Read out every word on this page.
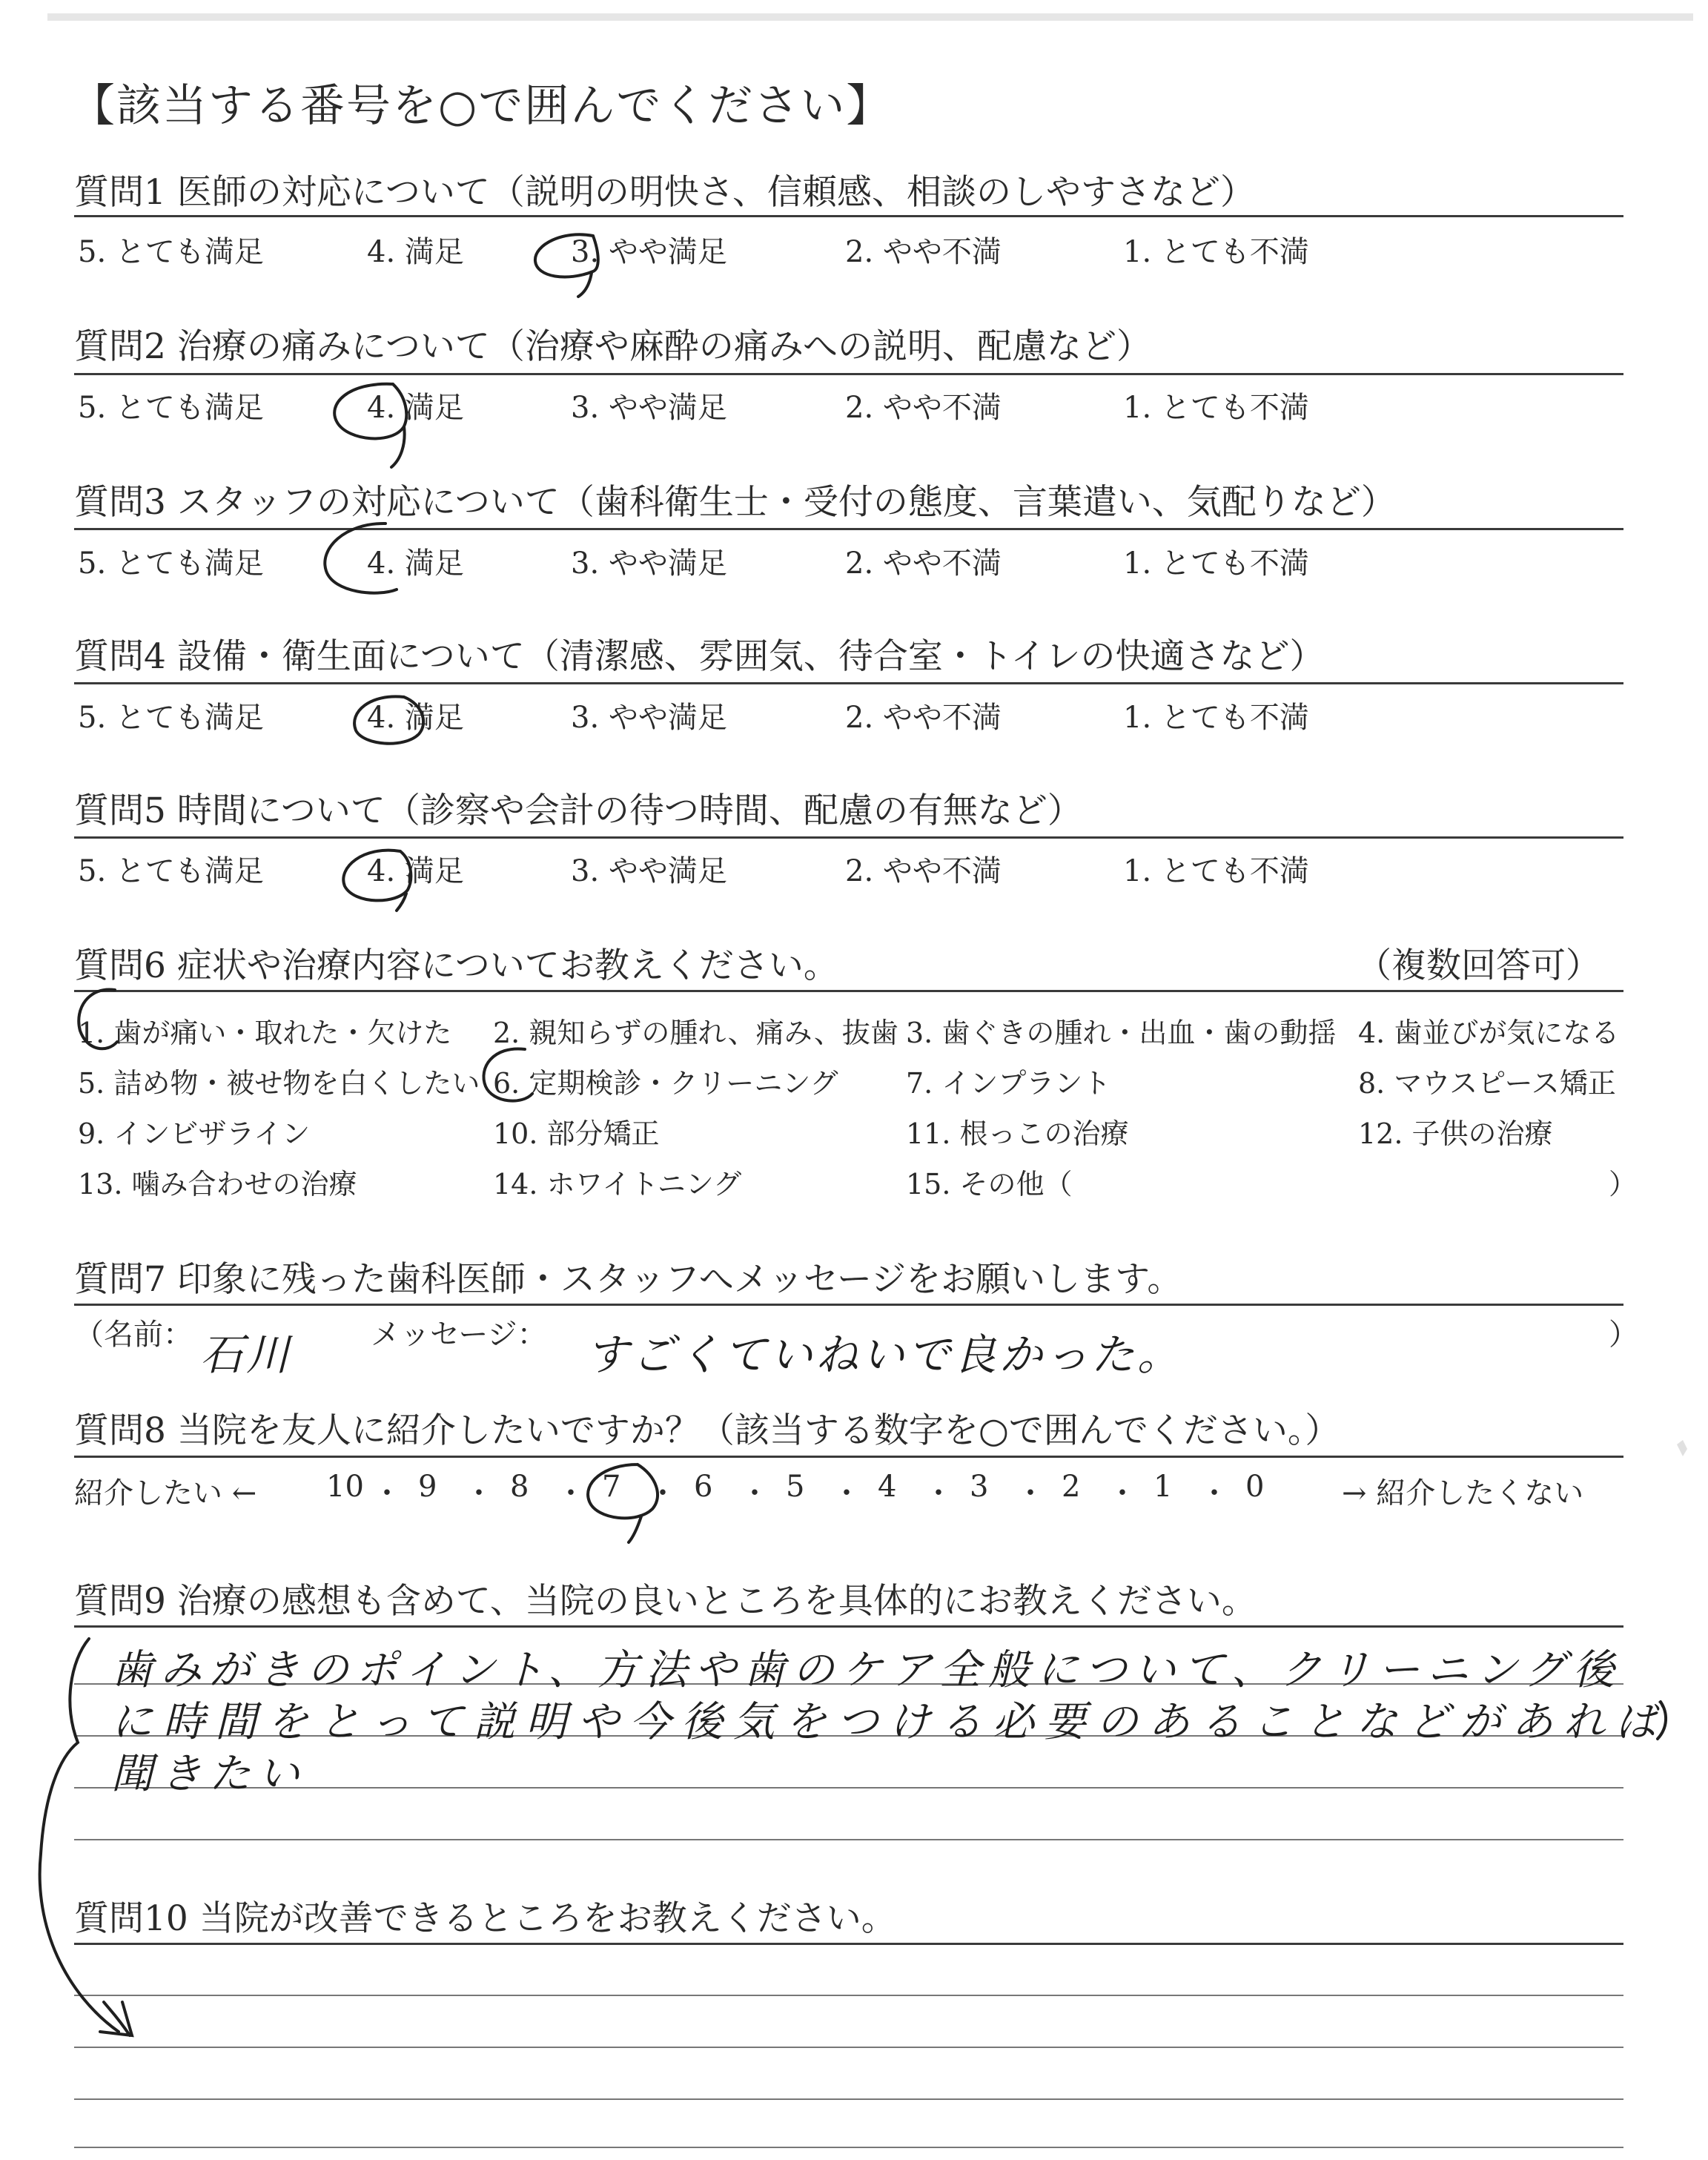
【該当する番号を○で囲んでください】
質問1 医師の対応について（説明の明快さ、信頼感、相談のしやすさなど）
5. とても満足	4. 満足	3. やや満足	2. やや不満	1. とても不満
質問2 治療の痛みについて（治療や麻酔の痛みへの説明、配慮など）
5. とても満足	4. 満足	3. やや満足	2. やや不満	1. とても不満
質問3 スタッフの対応について（歯科衛生士・受付の態度、言葉遣い、気配りなど）
5. とても満足	4. 満足	3. やや満足	2. やや不満	1. とても不満
質問4 設備・衛生面について（清潔感、雰囲気、待合室・トイレの快適さなど）
5. とても満足	4. 満足	3. やや満足	2. やや不満	1. とても不満
質問5 時間について（診察や会計の待つ時間、配慮の有無など）
5. とても満足	4. 満足	3. やや満足	2. やや不満	1. とても不満
質問6 症状や治療内容についてお教えください。	（複数回答可）
1. 歯が痛い・取れた・欠けた 2. 親知らずの腫れ、痛み、抜歯 3. 歯ぐきの腫れ・出血・歯の動揺 4. 歯並びが気になる
5. 詰め物・被せ物を白くしたい 6. 定期検診・クリーニング 7. インプラント	8. マウスピース矯正
9. インビザライン	10. 部分矯正	11. 根っこの治療	12. 子供の治療
13. 噛み合わせの治療	14. ホワイトニング	15. その他（	）
質問7 印象に残った歯科医師・スタッフへメッセージをお願いします。
（名前： 石川	メッセージ： すごくていねいで良かった。	）
質問8 当院を友人に紹介したいですか？（該当する数字を○で囲んでください。）
紹介したい ← 10 ・ 9 ・ 8 ・ 7 ・ 6 ・ 5 ・ 4 ・ 3 ・ 2 ・ 1 ・ 0	→ 紹介したくない
質問9 治療の感想も含めて、当院の良いところを具体的にお教えください。
歯みがきのポイント、方法や歯のケア全般について、クリーニング後
に時間をとって説明や今後気をつける必要のあることなどがあれば
聞きたい
質問10 当院が改善できるところをお教えください。
